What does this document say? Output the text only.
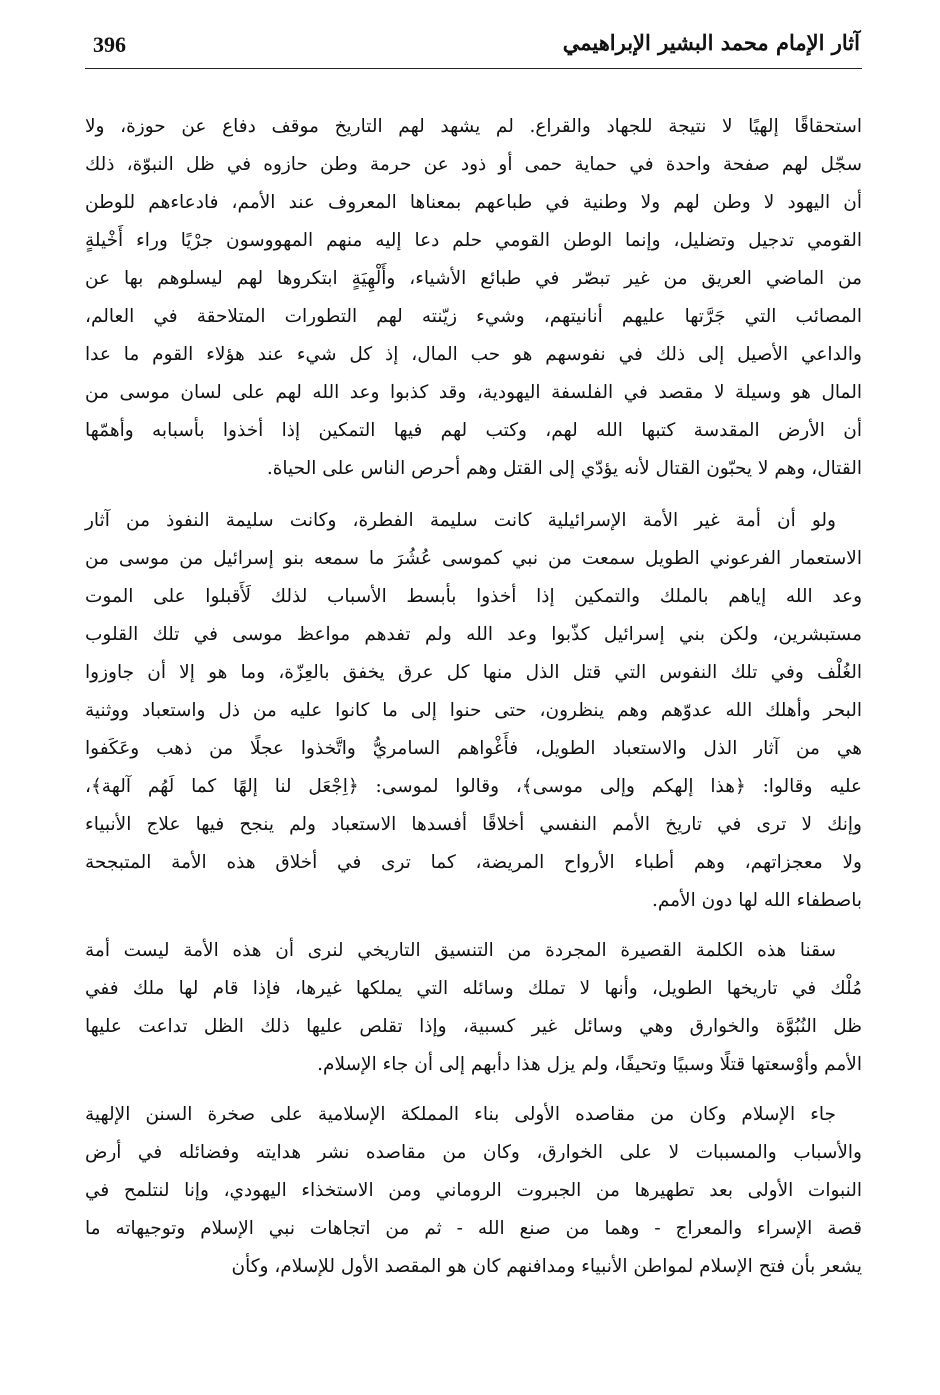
396	آثار الإمام محمد البشير الإبراهيمي
استحقاقًا إلهيًا لا نتيجة للجهاد والقراع. لم يشهد لهم التاريخ موقف دفاع عن حوزة، ولا
سجّل لهم صفحة واحدة في حماية حمى أو ذود عن حرمة وطن حازوه في ظل النبوّة، ذلك
أن اليهود لا وطن لهم ولا وطنية في طباعهم بمعناها المعروف عند الأمم، فادعاءهم للوطن
القومي تدجيل وتضليل، وإنما الوطن القومي حلم دعا إليه منهم المهووسون جرْيًا وراء أَخْيلةٍ
من الماضي العريق من غير تبصّر في طبائع الأشياء، وأَلْهِيَةٍ ابتكروها لهم ليسلوهم بها عن
المصائب التي جَرَّتها عليهم أنانيتهم، وشيء زيّنته لهم التطورات المتلاحقة في العالم،
والداعي الأصيل إلى ذلك في نفوسهم هو حب المال، إذ كل شيء عند هؤلاء القوم ما عدا
المال هو وسيلة لا مقصد في الفلسفة اليهودية، وقد كذبوا وعد الله لهم على لسان موسى من
أن الأرض المقدسة كتبها الله لهم، وكتب لهم فيها التمكين إذا أخذوا بأسبابه وأهمّها
القتال، وهم لا يحبّون القتال لأنه يؤدّي إلى القتل وهم أحرص الناس على الحياة.
ولو أن أمة غير الأمة الإسرائيلية كانت سليمة الفطرة، وكانت سليمة النفوذ من آثار
الاستعمار الفرعوني الطويل سمعت من نبي كموسى عُشُرَ ما سمعه بنو إسرائيل من موسى من
وعد الله إياهم بالملك والتمكين إذا أخذوا بأبسط الأسباب لذلك لَأَقبلوا على الموت
مستبشرين، ولكن بني إسرائيل كذّبوا وعد الله ولم تفدهم مواعظ موسى في تلك القلوب
الغُلْف وفي تلك النفوس التي قتل الذل منها كل عرق يخفق بالعِزّة، وما هو إلا أن جاوزوا
البحر وأهلك الله عدوّهم وهم ينظرون، حتى حنوا إلى ما كانوا عليه من ذل واستعباد ووثنية
هي من آثار الذل والاستعباد الطويل، فأَغْواهم السامريُّ واتَّخذوا عجلًا من ذهب وعَكَفوا
عليه وقالوا: ﴿هذا إلهكم وإلى موسى﴾، وقالوا لموسى: ﴿اِجْعَل لنا إلهًا كما لَهُم آلهة﴾،
وإنك لا ترى في تاريخ الأمم النفسي أخلاقًا أفسدها الاستعباد ولم ينجح فيها علاج الأنبياء
ولا معجزاتهم، وهم أطباء الأرواح المريضة، كما ترى في أخلاق هذه الأمة المتبجحة
باصطفاء الله لها دون الأمم.
سقنا هذه الكلمة القصيرة المجردة من التنسيق التاريخي لنرى أن هذه الأمة ليست أمة
مُلْك في تاريخها الطويل، وأنها لا تملك وسائله التي يملكها غيرها، فإذا قام لها ملك ففي
ظل النُبُوَّة والخوارق وهي وسائل غير كسبية، وإذا تقلص عليها ذلك الظل تداعت عليها
الأمم وأوْسعتها قتلًا وسبيًا وتحيفًا، ولم يزل هذا دأبهم إلى أن جاء الإسلام.
جاء الإسلام وكان من مقاصده الأولى بناء المملكة الإسلامية على صخرة السنن الإلهية
والأسباب والمسببات لا على الخوارق، وكان من مقاصده نشر هدايته وفضائله في أرض
النبوات الأولى بعد تطهيرها من الجبروت الروماني ومن الاستخذاء اليهودي، وإنا لنتلمح في
قصة الإسراء والمعراج - وهما من صنع الله - ثم من اتجاهات نبي الإسلام وتوجيهاته ما
يشعر بأن فتح الإسلام لمواطن الأنبياء ومدافنهم كان هو المقصد الأول للإسلام، وكأن
